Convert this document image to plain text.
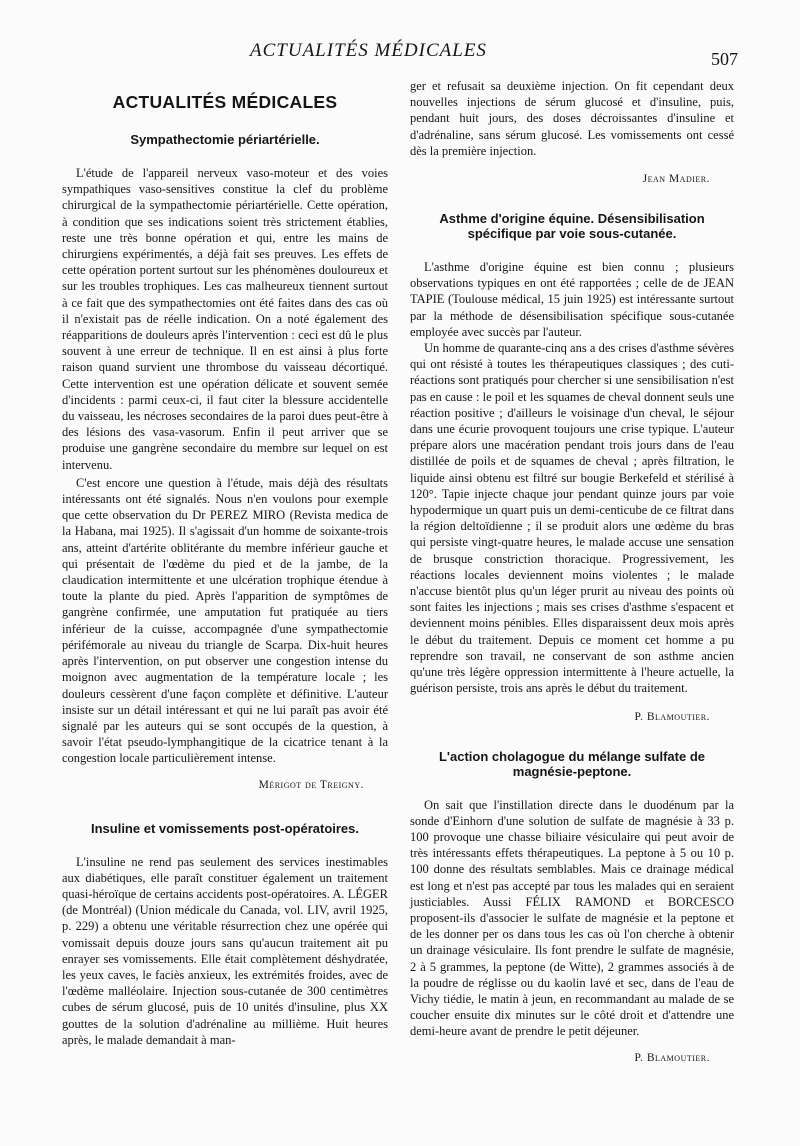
ACTUALITÉS MÉDICALES	507
ACTUALITÉS MÉDICALES
Sympathectomie périartérielle.

L'étude de l'appareil nerveux vaso-moteur et des voies sympathiques vaso-sensitives constitue la clef du problème chirurgical de la sympathectomie périartérielle. Cette opération, à condition que ses indications soient très strictement établies, reste une très bonne opération et qui, entre les mains de chirurgiens expérimentés, a déjà fait ses preuves. Les effets de cette opération portent surtout sur les phénomènes douloureux et sur les troubles trophiques. Les cas malheureux tiennent surtout à ce fait que des sympathectomies ont été faites dans des cas où il n'existait pas de réelle indication. On a noté également des réapparitions de douleurs après l'intervention : ceci est dû le plus souvent à une erreur de technique. Il en est ainsi à plus forte raison quand survient une thrombose du vaisseau décortiqué. Cette intervention est une opération délicate et souvent semée d'incidents : parmi ceux-ci, il faut citer la blessure accidentelle du vaisseau, les nécroses secondaires de la paroi dues peut-être à des lésions des vasa-vasorum. Enfin il peut arriver que se produise une gangrène secondaire du membre sur lequel on est intervenu.

C'est encore une question à l'étude, mais déjà des résultats intéressants ont été signalés. Nous n'en voulons pour exemple que cette observation du Dr PEREZ MIRO (Revista medica de la Habana, mai 1925). Il s'agissait d'un homme de soixante-trois ans, atteint d'artérite oblitérante du membre inférieur gauche et qui présentait de l'œdème du pied et de la jambe, de la claudication intermittente et une ulcération trophique étendue à toute la plante du pied. Après l'apparition de symptômes de gangrène confirmée, une amputation fut pratiquée au tiers inférieur de la cuisse, accompagnée d'une sympathectomie périfémorale au niveau du triangle de Scarpa. Dix-huit heures après l'intervention, on put observer une congestion intense du moignon avec augmentation de la température locale ; les douleurs cessèrent d'une façon complète et définitive. L'auteur insiste sur un détail intéressant et qui ne lui paraît pas avoir été signalé par les auteurs qui se sont occupés de la question, à savoir l'état pseudo-lymphangitique de la cicatrice tenant à la congestion locale particulièrement intense.

Mérigot de Treigny.
Insuline et vomissements post-opératoires.

L'insuline ne rend pas seulement des services inestimables aux diabétiques, elle paraît constituer également un traitement quasi-héroïque de certains accidents post-opératoires. A. LÉGER (de Montréal) (Union médicale du Canada, vol. LIV, avril 1925, p. 229) a obtenu une véritable résurrection chez une opérée qui vomissait depuis douze jours sans qu'aucun traitement ait pu enrayer ses vomissements. Elle était complètement déshydratée, les yeux caves, le faciès anxieux, les extrémités froides, avec de l'œdème malléolaire. Injection sous-cutanée de 300 centimètres cubes de sérum glucosé, puis de 10 unités d'insuline, plus XX gouttes de la solution d'adrénaline au millième. Huit heures après, le malade demandait à man-

ger et refusait sa deuxième injection. On fit cependant deux nouvelles injections de sérum glucosé et d'insuline, puis, pendant huit jours, des doses décroissantes d'insuline et d'adrénaline, sans sérum glucosé. Les vomissements ont cessé dès la première injection.

Jean Madier.
Asthme d'origine équine. Désensibilisation spécifique par voie sous-cutanée.

L'asthme d'origine équine est bien connu ; plusieurs observations typiques en ont été rapportées ; celle de de JEAN TAPIE (Toulouse médical, 15 juin 1925) est intéressante surtout par la méthode de désensibilisation spécifique sous-cutanée employée avec succès par l'auteur.

Un homme de quarante-cinq ans a des crises d'asthme sévères qui ont résisté à toutes les thérapeutiques classiques ; des cuti-réactions sont pratiqués pour chercher si une sensibilisation n'est pas en cause : le poil et les squames de cheval donnent seuls une réaction positive ; d'ailleurs le voisinage d'un cheval, le séjour dans une écurie provoquent toujours une crise typique. L'auteur prépare alors une macération pendant trois jours dans de l'eau distillée de poils et de squames de cheval ; après filtration, le liquide ainsi obtenu est filtré sur bougie Berkefeld et stérilisé à 120°. Tapie injecte chaque jour pendant quinze jours par voie hypodermique un quart puis un demi-centicube de ce filtrat dans la région deltoïdienne ; il se produit alors une œdème du bras qui persiste vingt-quatre heures, le malade accuse une sensation de brusque constriction thoracique. Progressivement, les réactions locales deviennent moins violentes ; le malade n'accuse bientôt plus qu'un léger prurit au niveau des points où sont faites les injections ; mais ses crises d'asthme s'espacent et deviennent moins pénibles. Elles disparaissent deux mois après le début du traitement. Depuis ce moment cet homme a pu reprendre son travail, ne conservant de son asthme ancien qu'une très légère oppression intermittente à l'heure actuelle, la guérison persiste, trois ans après le début du traitement.

P. Blamoutier.
L'action cholagogue du mélange sulfate de magnésie-peptone.

On sait que l'instillation directe dans le duodénum par la sonde d'Einhorn d'une solution de sulfate de magnésie à 33 p. 100 provoque une chasse biliaire vésiculaire qui peut avoir de très intéressants effets thérapeutiques. La peptone à 5 ou 10 p. 100 donne des résultats semblables. Mais ce drainage médical est long et n'est pas accepté par tous les malades qui en seraient justiciables. Aussi FÉLIX RAMOND et BORCESCO proposent-ils d'associer le sulfate de magnésie et la peptone et de les donner per os dans tous les cas où l'on cherche à obtenir un drainage vésiculaire. Ils font prendre le sulfate de magnésie, 2 à 5 grammes, la peptone (de Witte), 2 grammes associés à de la poudre de réglisse ou du kaolin lavé et sec, dans de l'eau de Vichy tiédie, le matin à jeun, en recommandant au malade de se coucher ensuite dix minutes sur le côté droit et d'attendre une demi-heure avant de prendre le petit déjeuner.

P. Blamoutier.
